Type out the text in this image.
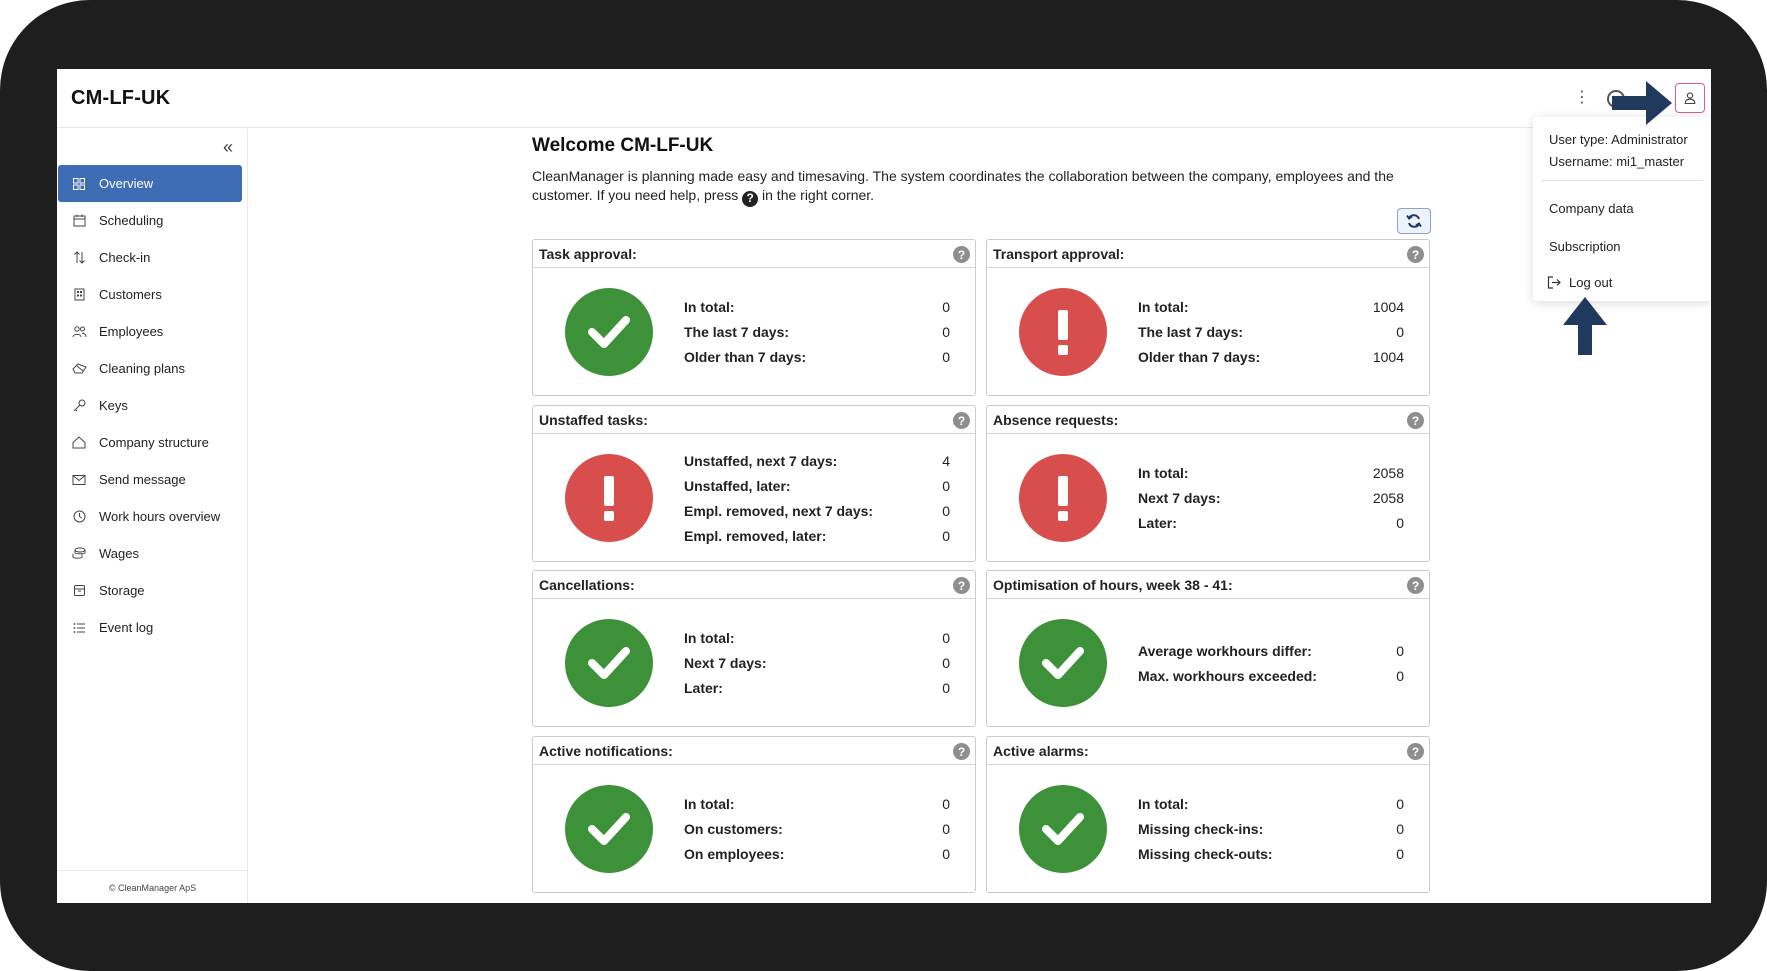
CM-LF-UK	⋮
«
Overview
Scheduling
Check-in
Customers
Employees
Cleaning plans
Keys
Company structure
Send message
Work hours overview
Wages
Storage
Event log
© CleanManager ApS
Welcome CM-LF-UK
CleanManager is planning made easy and timesaving. The system coordinates the collaboration between the company, employees and the customer. If you need help, press ? in the right corner.
Task approval:	?
In total:	0
The last 7 days:	0
Older than 7 days:	0
Transport approval:	?
In total:	1004
The last 7 days:	0
Older than 7 days:	1004
Unstaffed tasks:	?
Unstaffed, next 7 days:	4
Unstaffed, later:	0
Empl. removed, next 7 days:	0
Empl. removed, later:	0
Absence requests:	?
In total:	2058
Next 7 days:	2058
Later:	0
Cancellations:	?
In total:	0
Next 7 days:	0
Later:	0
Optimisation of hours, week 38 - 41:	?
Average workhours differ:	0
Max. workhours exceeded:	0
Active notifications:	?
In total:	0
On customers:	0
On employees:	0
Active alarms:	?
In total:	0
Missing check-ins:	0
Missing check-outs:	0
User type: Administrator
Username: mi1_master
Company data
Subscription
Log out
